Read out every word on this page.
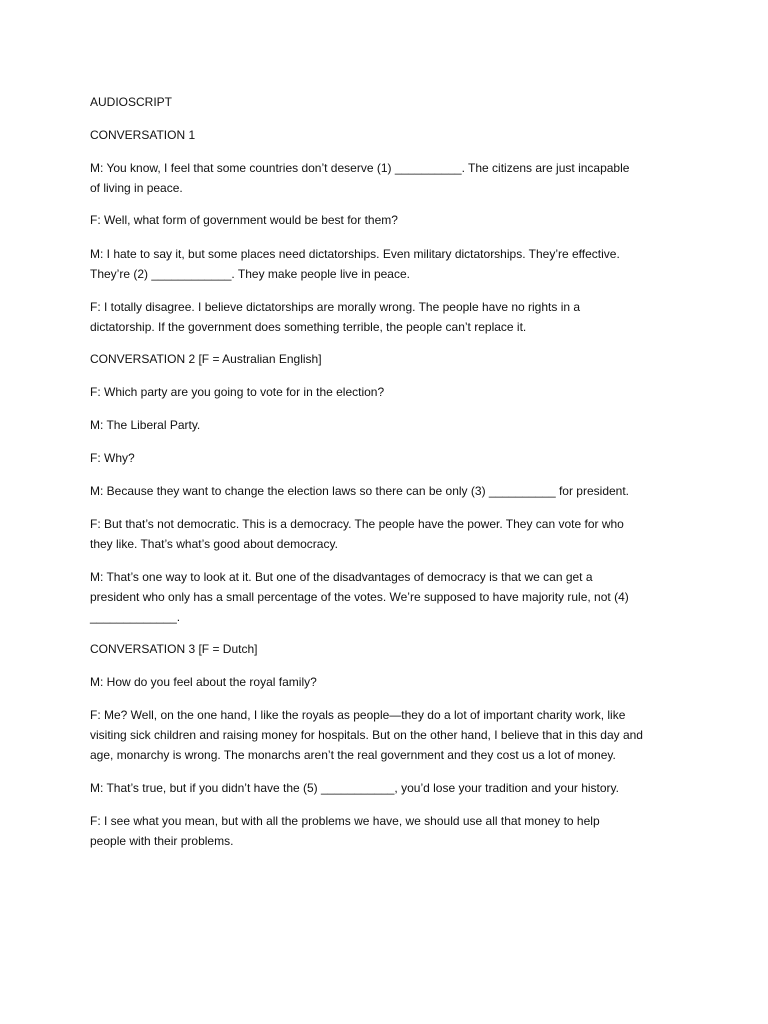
AUDIOSCRIPT
CONVERSATION 1
M: You know, I feel that some countries don’t deserve (1) __________. The citizens are just incapable
of living in peace.
F: Well, what form of government would be best for them?
M: I hate to say it, but some places need dictatorships. Even military dictatorships. They’re effective.
They’re (2) ____________. They make people live in peace.
F: I totally disagree. I believe dictatorships are morally wrong. The people have no rights in a
dictatorship. If the government does something terrible, the people can’t replace it.
CONVERSATION 2 [F = Australian English]
F: Which party are you going to vote for in the election?
M: The Liberal Party.
F: Why?
M: Because they want to change the election laws so there can be only (3) __________ for president.
F: But that’s not democratic. This is a democracy. The people have the power. They can vote for who
they like. That’s what’s good about democracy.
M: That’s one way to look at it. But one of the disadvantages of democracy is that we can get a
president who only has a small percentage of the votes. We’re supposed to have majority rule, not (4)
_____________.
CONVERSATION 3 [F = Dutch]
M: How do you feel about the royal family?
F: Me? Well, on the one hand, I like the royals as people—they do a lot of important charity work, like
visiting sick children and raising money for hospitals. But on the other hand, I believe that in this day and
age, monarchy is wrong. The monarchs aren’t the real government and they cost us a lot of money.
M: That’s true, but if you didn’t have the (5) ___________, you’d lose your tradition and your history.
F: I see what you mean, but with all the problems we have, we should use all that money to help
people with their problems.
